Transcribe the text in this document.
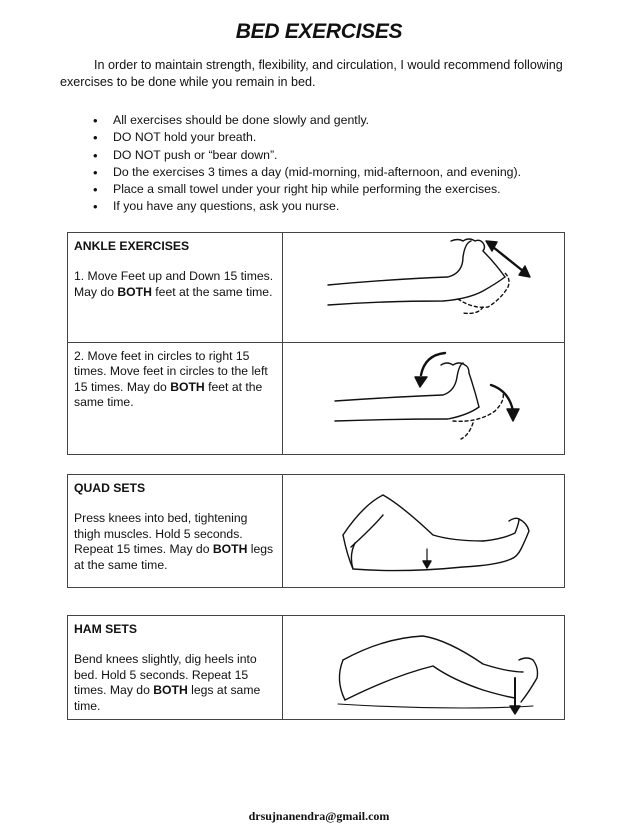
BED EXERCISES
In order to maintain strength, flexibility, and circulation, I would recommend following exercises to be done while you remain in bed.
• All exercises should be done slowly and gently.
• DO NOT hold your breath.
• DO NOT push or “bear down”.
• Do the exercises 3 times a day (mid-morning, mid-afternoon, and evening).
• Place a small towel under your right hip while performing the exercises.
• If you have any questions, ask you nurse.
ANKLE EXERCISES
1. Move Feet up and Down 15 times. May do BOTH feet at the same time.

2. Move feet in circles to right 15 times. Move feet in circles to the left 15 times. May do BOTH feet at the same time.

QUAD SETS
Press knees into bed, tightening thigh muscles. Hold 5 seconds. Repeat 15 times. May do BOTH legs at the same time.

HAM SETS
Bend knees slightly, dig heels into bed. Hold 5 seconds. Repeat 15 times. May do BOTH legs at same time.

drsujnanendra@gmail.com
